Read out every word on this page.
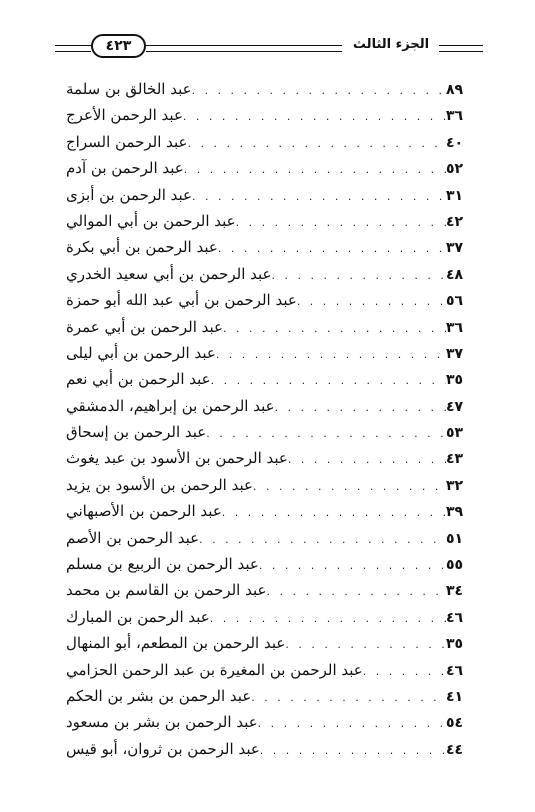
٤٢٣	الجزء الثالث
عبد الخالق بن سلمة . . .	٨٩
عبد الرحمن الأعرج . . .	٣٦
عبد الرحمن السراج . . .	٤٠
عبد الرحمن بن آدم . . .	٥٢
عبد الرحمن بن أبزى . . .	٣١
عبد الرحمن بن أبي الموالي . . .	٤٢
عبد الرحمن بن أبي بكرة . . .	٣٧
عبد الرحمن بن أبي سعيد الخدري . . .	٤٨
عبد الرحمن بن أبي عبد الله أبو حمزة . . .	٥٦
عبد الرحمن بن أبي عمرة . . .	٣٦
عبد الرحمن بن أبي ليلى . . .	٣٧
عبد الرحمن بن أبي نعم . . .	٣٥
عبد الرحمن بن إبراهيم، الدمشقي . . .	٤٧
عبد الرحمن بن إسحاق . . .	٥٣
عبد الرحمن بن الأسود بن عبد يغوث . . .	٤٣
عبد الرحمن بن الأسود بن يزيد . . .	٣٢
عبد الرحمن بن الأصبهاني . . .	٣٩
عبد الرحمن بن الأصم . . .	٥١
عبد الرحمن بن الربيع بن مسلم . . .	٥٥
عبد الرحمن بن القاسم بن محمد . . .	٣٤
عبد الرحمن بن المبارك . . .	٤٦
عبد الرحمن بن المطعم، أبو المنهال . . .	٣٥
عبد الرحمن بن المغيرة بن عبد الرحمن الحزامي . . .	٤٦
عبد الرحمن بن بشر بن الحكم . . .	٤١
عبد الرحمن بن بشر بن مسعود . . .	٥٤
عبد الرحمن بن ثروان، أبو قيس . . .	٤٤
